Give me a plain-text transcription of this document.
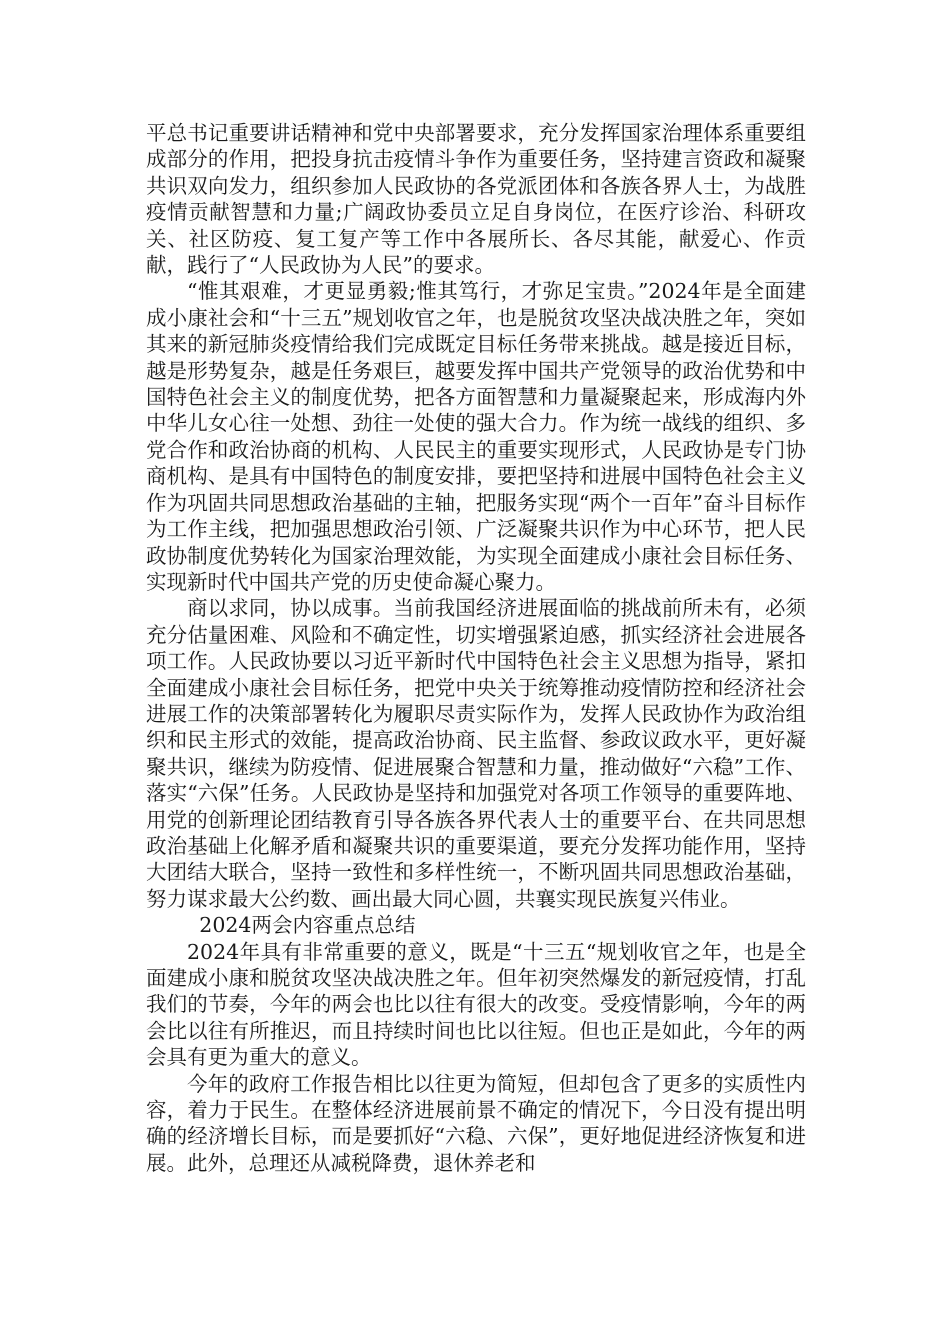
平总书记重要讲话精神和党中央部署要求，充分发挥国家治理体系重要组成部分的作用，把投身抗击疫情斗争作为重要任务，坚持建言资政和凝聚共识双向发力，组织参加人民政协的各党派团体和各族各界人士，为战胜疫情贡献智慧和力量;广阔政协委员立足自身岗位，在医疗诊治、科研攻关、社区防疫、复工复产等工作中各展所长、各尽其能，献爱心、作贡献，践行了“人民政协为人民”的要求。

“惟其艰难，才更显勇毅;惟其笃行，才弥足宝贵。”2024年是全面建成小康社会和“十三五”规划收官之年，也是脱贫攻坚决战决胜之年，突如其来的新冠肺炎疫情给我们完成既定目标任务带来挑战。越是接近目标，越是形势复杂，越是任务艰巨，越要发挥中国共产党领导的政治优势和中国特色社会主义的制度优势，把各方面智慧和力量凝聚起来，形成海内外中华儿女心往一处想、劲往一处使的强大合力。作为统一战线的组织、多党合作和政治协商的机构、人民民主的重要实现形式，人民政协是专门协商机构、是具有中国特色的制度安排，要把坚持和进展中国特色社会主义作为巩固共同思想政治基础的主轴，把服务实现“两个一百年”奋斗目标作为工作主线，把加强思想政治引领、广泛凝聚共识作为中心环节，把人民政协制度优势转化为国家治理效能，为实现全面建成小康社会目标任务、实现新时代中国共产党的历史使命凝心聚力。

商以求同，协以成事。当前我国经济进展面临的挑战前所未有，必须充分估量困难、风险和不确定性，切实增强紧迫感，抓实经济社会进展各项工作。人民政协要以习近平新时代中国特色社会主义思想为指导，紧扣全面建成小康社会目标任务，把党中央关于统筹推动疫情防控和经济社会进展工作的决策部署转化为履职尽责实际作为，发挥人民政协作为政治组织和民主形式的效能，提高政治协商、民主监督、参政议政水平，更好凝聚共识，继续为防疫情、促进展聚合智慧和力量，推动做好“六稳”工作、落实“六保”任务。人民政协是坚持和加强党对各项工作领导的重要阵地、用党的创新理论团结教育引导各族各界代表人士的重要平台、在共同思想政治基础上化解矛盾和凝聚共识的重要渠道，要充分发挥功能作用，坚持大团结大联合，坚持一致性和多样性统一，不断巩固共同思想政治基础，努力谋求最大公约数、画出最大同心圆，共襄实现民族复兴伟业。

2024两会内容重点总结

2024年具有非常重要的意义，既是“十三五“规划收官之年，也是全面建成小康和脱贫攻坚决战决胜之年。但年初突然爆发的新冠疫情，打乱我们的节奏，今年的两会也比以往有很大的改变。受疫情影响，今年的两会比以往有所推迟，而且持续时间也比以往短。但也正是如此，今年的两会具有更为重大的意义。

今年的政府工作报告相比以往更为简短，但却包含了更多的实质性内容，着力于民生。在整体经济进展前景不确定的情况下，今日没有提出明确的经济增长目标，而是要抓好“六稳、六保”，更好地促进经济恢复和进展。此外，总理还从减税降费，退休养老和
